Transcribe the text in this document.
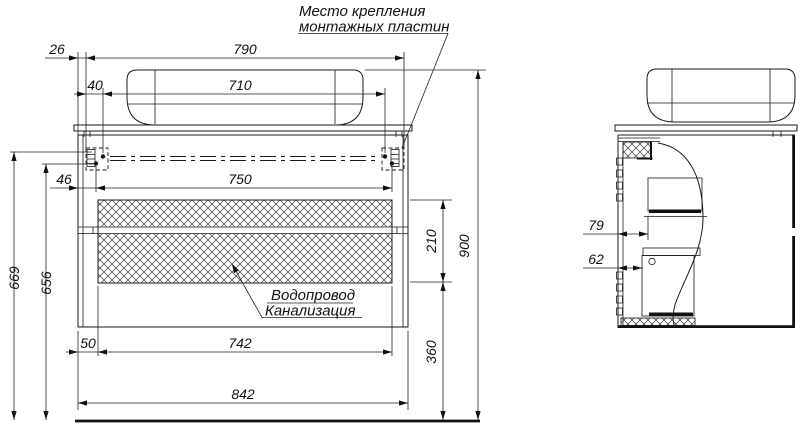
26	790
40	710
46	750
669 656
210 900
360
50	742
842
79
62
Место крепления
монтажных пластин
Водопровод
Канализация
